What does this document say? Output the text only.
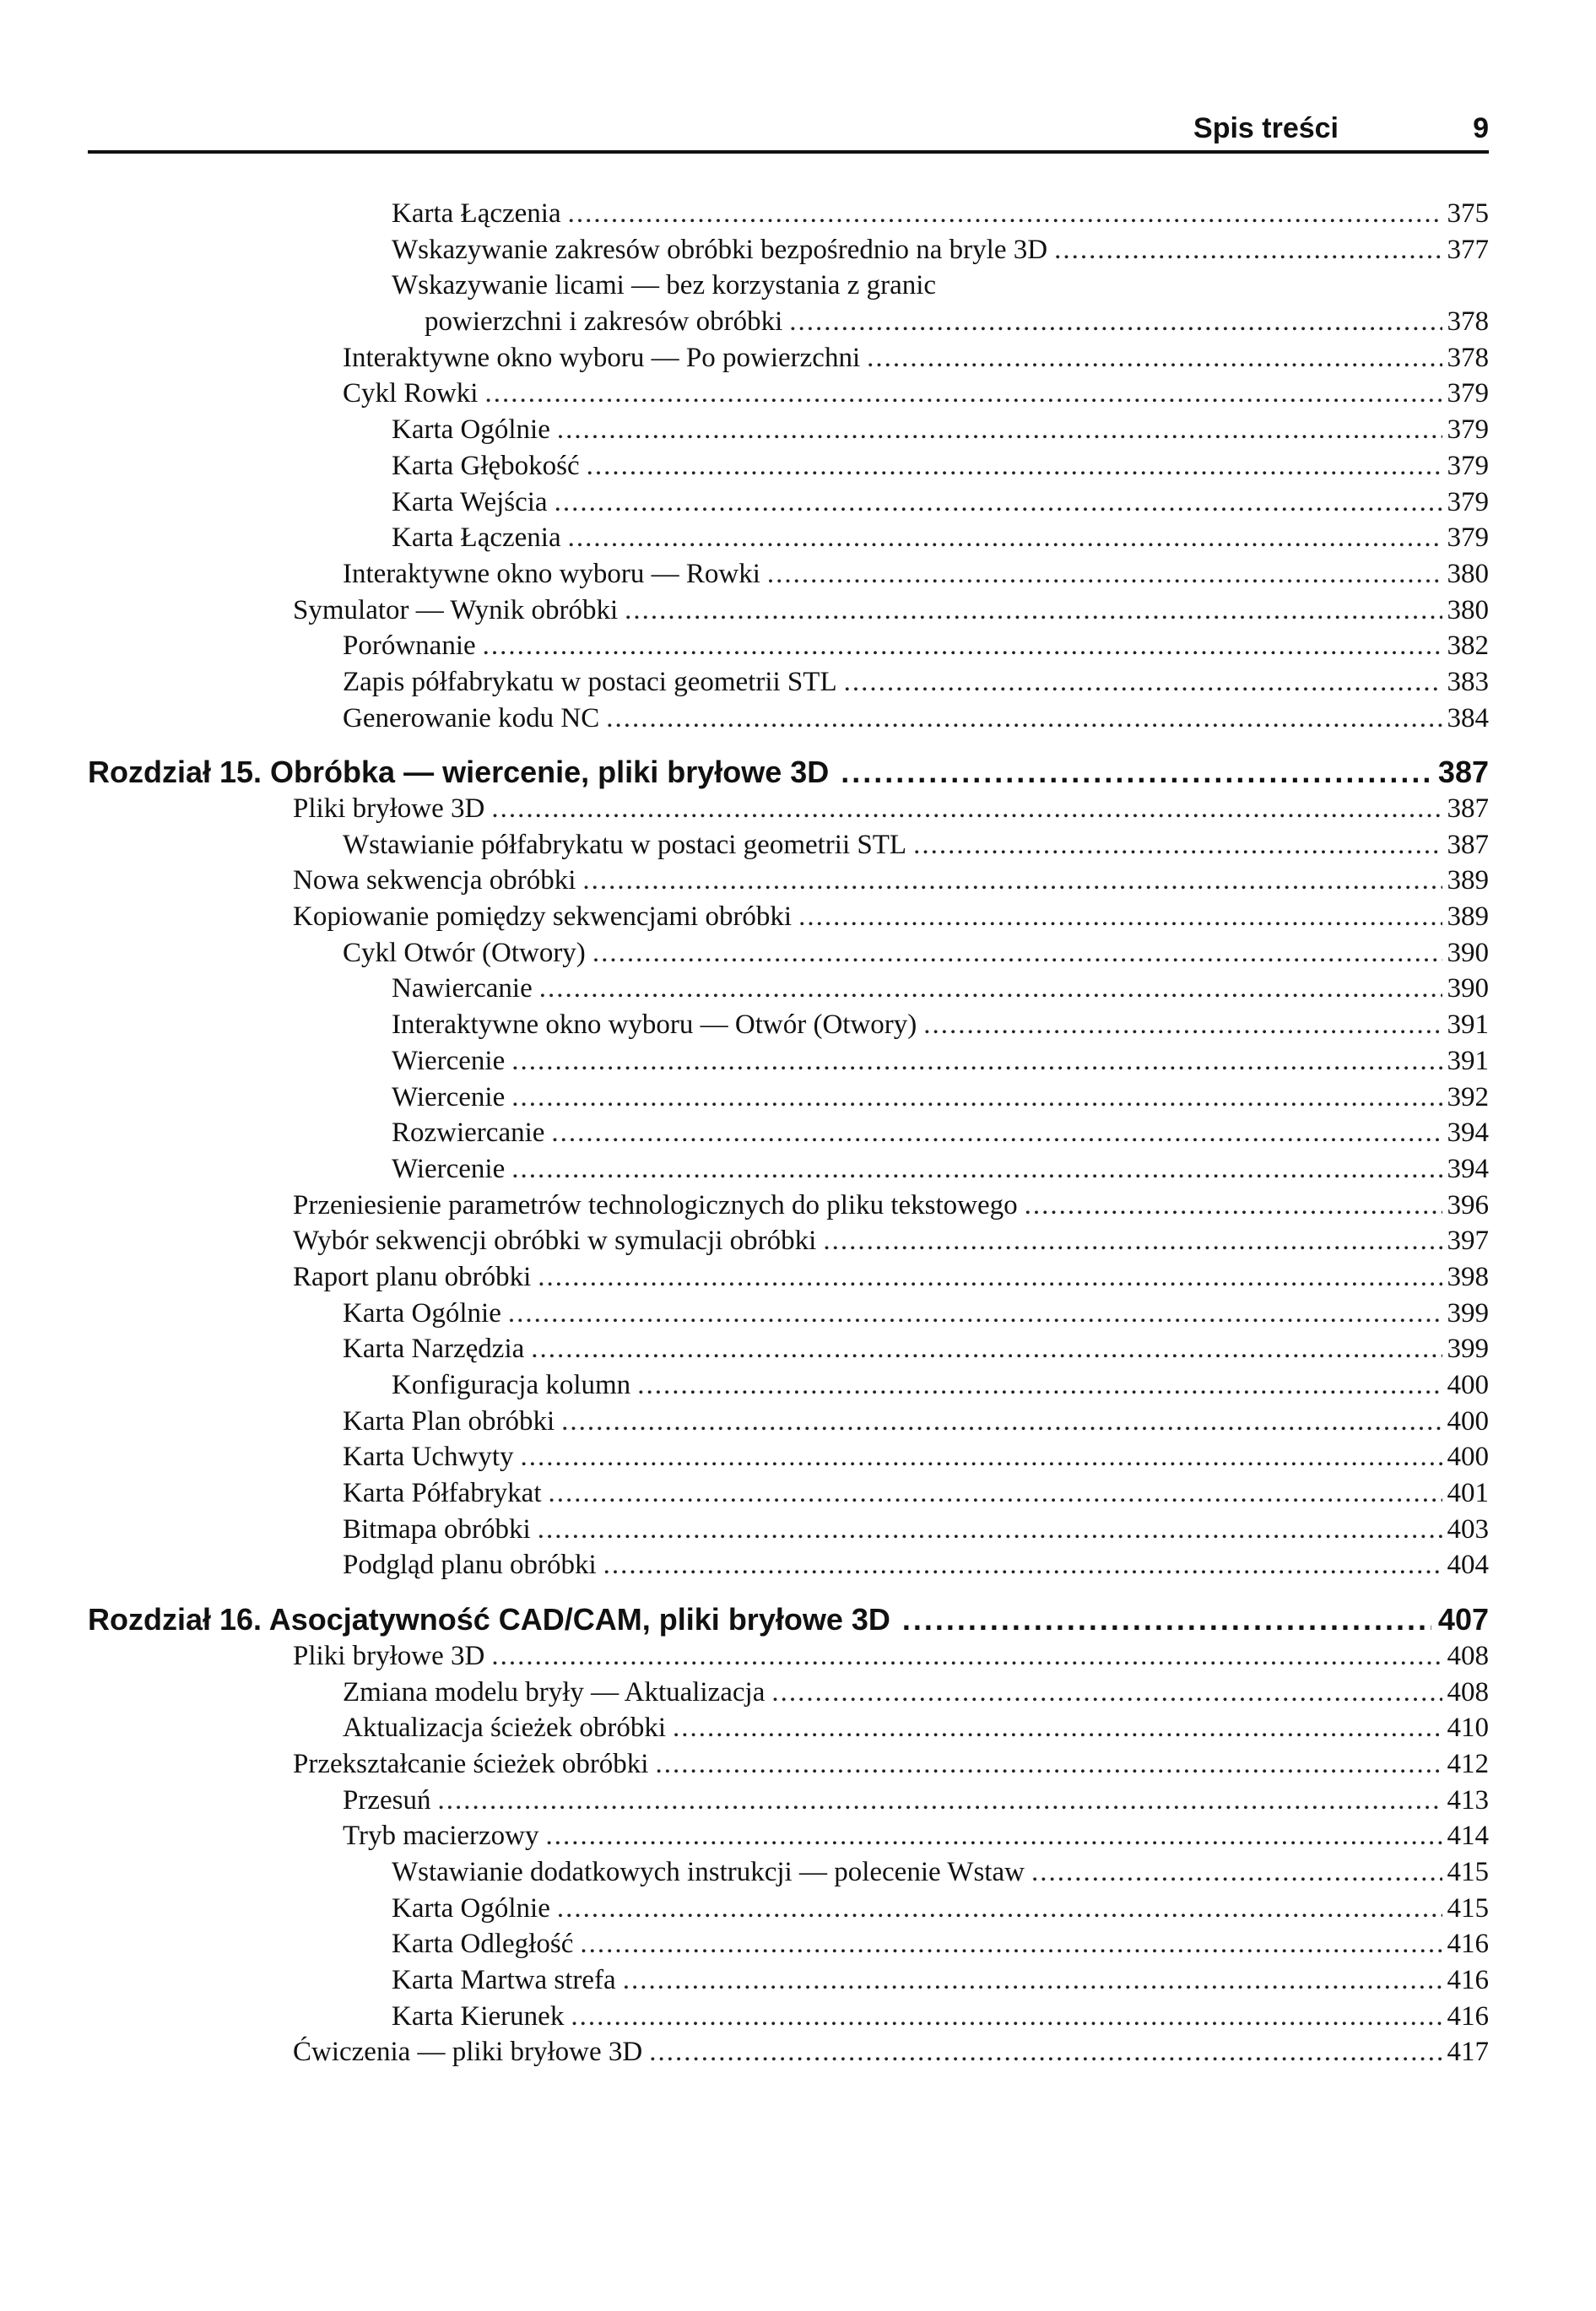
Spis treści	9
Karta Łączenia .....	375
Wskazywanie zakresów obróbki bezpośrednio na bryle 3D .....	377
Wskazywanie licami — bez korzystania z granic
powierzchni i zakresów obróbki .....	378
Interaktywne okno wyboru — Po powierzchni .....	378
Cykl Rowki .....	379
Karta Ogólnie .....	379
Karta Głębokość .....	379
Karta Wejścia .....	379
Karta Łączenia .....	379
Interaktywne okno wyboru — Rowki .....	380
Symulator — Wynik obróbki .....	380
Porównanie .....	382
Zapis półfabrykatu w postaci geometrii STL .....	383
Generowanie kodu NC .....	384
Rozdział 15. Obróbka — wiercenie, pliki bryłowe 3D .....	387
Pliki bryłowe 3D .....	387
Wstawianie półfabrykatu w postaci geometrii STL .....	387
Nowa sekwencja obróbki .....	389
Kopiowanie pomiędzy sekwencjami obróbki .....	389
Cykl Otwór (Otwory) .....	390
Nawiercanie .....	390
Interaktywne okno wyboru — Otwór (Otwory) .....	391
Wiercenie .....	391
Wiercenie .....	392
Rozwiercanie .....	394
Wiercenie .....	394
Przeniesienie parametrów technologicznych do pliku tekstowego .....	396
Wybór sekwencji obróbki w symulacji obróbki .....	397
Raport planu obróbki .....	398
Karta Ogólnie .....	399
Karta Narzędzia .....	399
Konfiguracja kolumn .....	400
Karta Plan obróbki .....	400
Karta Uchwyty .....	400
Karta Półfabrykat .....	401
Bitmapa obróbki .....	403
Podgląd planu obróbki .....	404
Rozdział 16. Asocjatywność CAD/CAM, pliki bryłowe 3D .....	407
Pliki bryłowe 3D .....	408
Zmiana modelu bryły — Aktualizacja .....	408
Aktualizacja ścieżek obróbki .....	410
Przekształcanie ścieżek obróbki .....	412
Przesuń .....	413
Tryb macierzowy .....	414
Wstawianie dodatkowych instrukcji — polecenie Wstaw .....	415
Karta Ogólnie .....	415
Karta Odległość .....	416
Karta Martwa strefa .....	416
Karta Kierunek .....	416
Ćwiczenia — pliki bryłowe 3D .....	417
